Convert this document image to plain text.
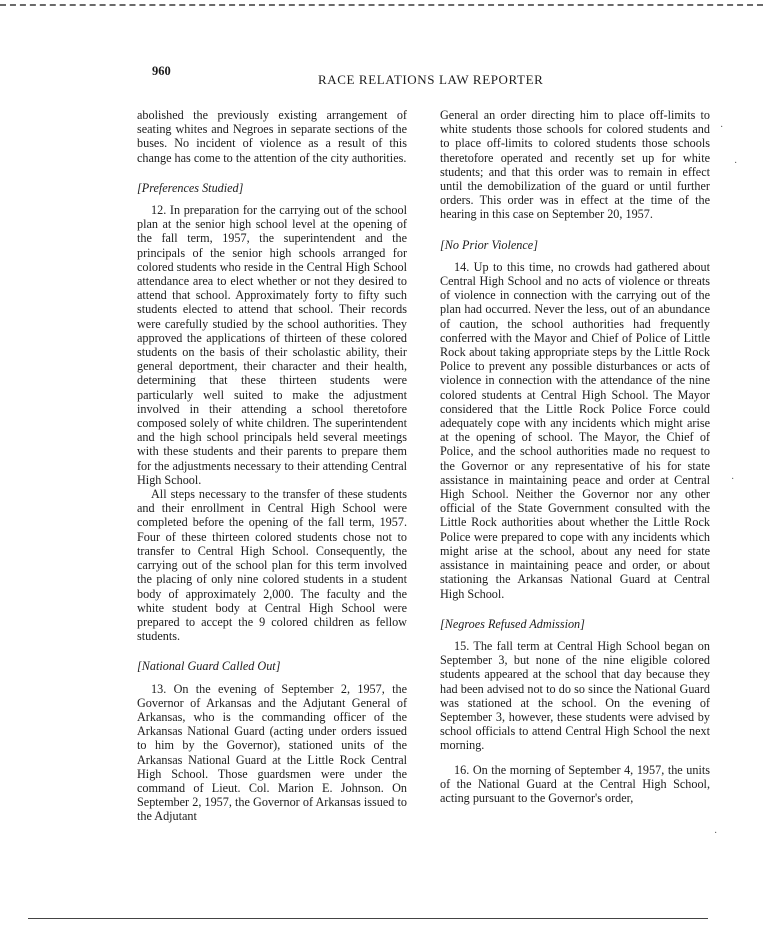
960
RACE RELATIONS LAW REPORTER

abolished the previously existing arrangement of seating whites and Negroes in separate sections of the buses. No incident of violence as a result of this change has come to the attention of the city authorities.

[Preferences Studied]

12. In preparation for the carrying out of the school plan at the senior high school level at the opening of the fall term, 1957, the superintendent and the principals of the senior high schools arranged for colored students who reside in the Central High School attendance area to elect whether or not they desired to attend that school. Approximately forty to fifty such students elected to attend that school. Their records were carefully studied by the school authorities. They approved the applications of thirteen of these colored students on the basis of their scholastic ability, their general deportment, their character and their health, determining that these thirteen students were particularly well suited to make the adjustment involved in their attending a school theretofore composed solely of white children. The superintendent and the high school principals held several meetings with these students and their parents to prepare them for the adjustments necessary to their attending Central High School.

All steps necessary to the transfer of these students and their enrollment in Central High School were completed before the opening of the fall term, 1957. Four of these thirteen colored students chose not to transfer to Central High School. Consequently, the carrying out of the school plan for this term involved the placing of only nine colored students in a student body of approximately 2,000. The faculty and the white student body at Central High School were prepared to accept the 9 colored children as fellow students.

[National Guard Called Out]

13. On the evening of September 2, 1957, the Governor of Arkansas and the Adjutant General of Arkansas, who is the commanding officer of the Arkansas National Guard (acting under orders issued to him by the Governor), stationed units of the Arkansas National Guard at the Little Rock Central High School. Those guardsmen were under the command of Lieut. Col. Marion E. Johnson. On September 2, 1957, the Governor of Arkansas issued to the Adjutant

General an order directing him to place off-limits to white students those schools for colored students and to place off-limits to colored students those schools theretofore operated and recently set up for white students; and that this order was to remain in effect until the demobilization of the guard or until further orders. This order was in effect at the time of the hearing in this case on September 20, 1957.

[No Prior Violence]

14. Up to this time, no crowds had gathered about Central High School and no acts of violence or threats of violence in connection with the carrying out of the plan had occurred. Never the less, out of an abundance of caution, the school authorities had frequently conferred with the Mayor and Chief of Police of Little Rock about taking appropriate steps by the Little Rock Police to prevent any possible disturbances or acts of violence in connection with the attendance of the nine colored students at Central High School. The Mayor considered that the Little Rock Police Force could adequately cope with any incidents which might arise at the opening of school. The Mayor, the Chief of Police, and the school authorities made no request to the Governor or any representative of his for state assistance in maintaining peace and order at Central High School. Neither the Governor nor any other official of the State Government consulted with the Little Rock authorities about whether the Little Rock Police were prepared to cope with any incidents which might arise at the school, about any need for state assistance in maintaining peace and order, or about stationing the Arkansas National Guard at Central High School.

[Negroes Refused Admission]

15. The fall term at Central High School began on September 3, but none of the nine eligible colored students appeared at the school that day because they had been advised not to do so since the National Guard was stationed at the school. On the evening of September 3, however, these students were advised by school officials to attend Central High School the next morning.

16. On the morning of September 4, 1957, the units of the National Guard at the Central High School, acting pursuant to the Governor's order,

·
·
·
·
